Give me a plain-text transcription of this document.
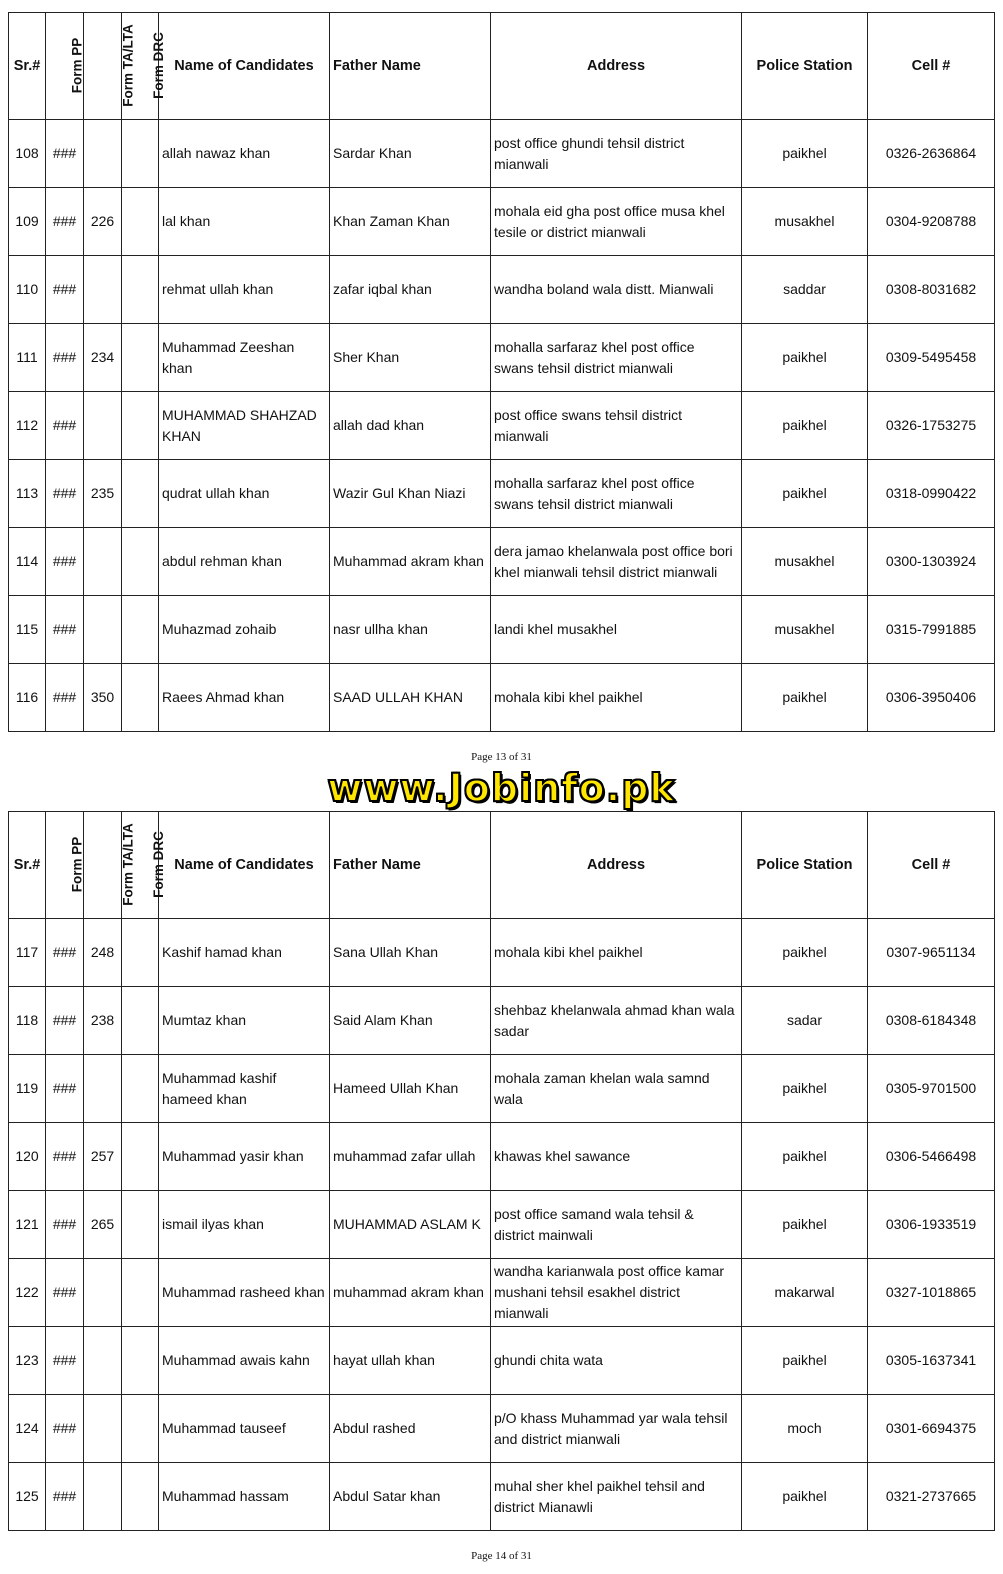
Sr.#	Form PP	Form TA/LTA	Form DRC	Name of Candidates	Father Name	Address	Police Station	Cell #
108	###			allah nawaz khan	Sardar Khan	post office ghundi tehsil district mianwali	paikhel	0326-2636864
109	###	226		lal khan	Khan Zaman Khan	mohala eid gha post office musa khel tesile or district mianwali	musakhel	0304-9208788
110	###			rehmat ullah khan	zafar iqbal khan	wandha boland wala distt. Mianwali	saddar	0308-8031682
111	###	234		Muhammad Zeeshan khan	Sher Khan	mohalla sarfaraz khel post office swans tehsil district mianwali	paikhel	0309-5495458
112	###			MUHAMMAD SHAHZAD KHAN	allah dad khan	post office swans tehsil district mianwali	paikhel	0326-1753275
113	###	235		qudrat ullah khan	Wazir Gul Khan Niazi	mohalla sarfaraz khel post office swans tehsil district mianwali	paikhel	0318-0990422
114	###			abdul rehman khan	Muhammad akram khan	dera jamao khelanwala post office bori khel mianwali tehsil district mianwali	musakhel	0300-1303924
115	###			Muhazmad zohaib	nasr ullha khan	landi khel musakhel	musakhel	0315-7991885
116	###	350		Raees Ahmad khan	SAAD ULLAH KHAN	mohala kibi khel paikhel	paikhel	0306-3950406
Page 13 of 31
www.Jobinfo.pk
Sr.#	Form PP	Form TA/LTA	Form DRC	Name of Candidates	Father Name	Address	Police Station	Cell #
117	###	248		Kashif hamad khan	Sana Ullah Khan	mohala kibi khel paikhel	paikhel	0307-9651134
118	###	238		Mumtaz khan	Said Alam Khan	shehbaz khelanwala ahmad khan wala sadar	sadar	0308-6184348
119	###			Muhammad kashif hameed khan	Hameed Ullah Khan	mohala zaman khelan wala samnd wala	paikhel	0305-9701500
120	###	257		Muhammad yasir khan	muhammad zafar ullah	khawas khel sawance	paikhel	0306-5466498
121	###	265		ismail ilyas khan	MUHAMMAD ASLAM K	post office samand wala tehsil & district mainwali	paikhel	0306-1933519
122	###			Muhammad rasheed khan	muhammad akram khan	wandha karianwala post office kamar mushani tehsil esakhel district mianwali	makarwal	0327-1018865
123	###			Muhammad awais kahn	hayat ullah khan	ghundi chita wata	paikhel	0305-1637341
124	###			Muhammad tauseef	Abdul rashed	p/O khass Muhammad yar wala tehsil and district mianwali	moch	0301-6694375
125	###			Muhammad hassam	Abdul Satar khan	muhal sher khel paikhel tehsil and district Mianawli	paikhel	0321-2737665
Page 14 of 31
